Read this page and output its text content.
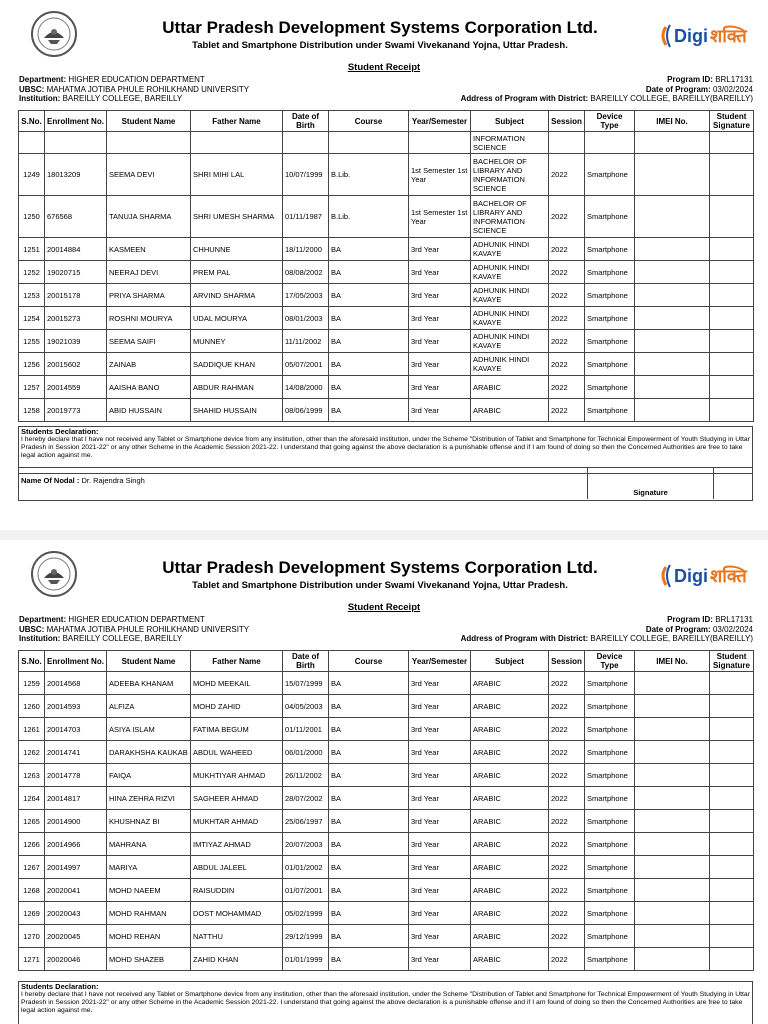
Uttar Pradesh Development Systems Corporation Ltd.
Tablet and Smartphone Distribution under Swami Vivekanand Yojna, Uttar Pradesh.	Digi शक्ति
Student Receipt
Department: HIGHER EDUCATION DEPARTMENT
UBSC: MAHATMA JOTIBA PHULE ROHILKHAND UNIVERSITY
Institution: BAREILLY COLLEGE, BAREILLY
Program ID: BRL17131
Date of Program: 03/02/2024
Address of Program with District: BAREILLY COLLEGE, BAREILLY(BAREILLY)
S.No.	Enrollment No.	Student Name	Father Name	Date of Birth	Course	Year/Semester	Subject	Session	Device Type	IMEI No.	Student Signature
							INFORMATION SCIENCE				
1249	18013209	SEEMA DEVI	SHRI MIHI LAL	10/07/1999	B.Lib.	1st Semester 1st Year	BACHELOR OF LIBRARY AND INFORMATION SCIENCE	2022	Smartphone		
1250	676568	TANUJA SHARMA	SHRI UMESH SHARMA	01/11/1987	B.Lib.	1st Semester 1st Year	BACHELOR OF LIBRARY AND INFORMATION SCIENCE	2022	Smartphone		
1251	20014884	KASMEEN	CHHUNNE	18/11/2000	BA	3rd Year	ADHUNIK HINDI KAVAYE	2022	Smartphone		
1252	19020715	NEERAJ DEVI	PREM PAL	08/08/2002	BA	3rd Year	ADHUNIK HINDI KAVAYE	2022	Smartphone		
1253	20015178	PRIYA SHARMA	ARVIND SHARMA	17/05/2003	BA	3rd Year	ADHUNIK HINDI KAVAYE	2022	Smartphone		
1254	20015273	ROSHNI MOURYA	UDAL MOURYA	08/01/2003	BA	3rd Year	ADHUNIK HINDI KAVAYE	2022	Smartphone		
1255	19021039	SEEMA SAIFI	MUNNEY	11/11/2002	BA	3rd Year	ADHUNIK HINDI KAVAYE	2022	Smartphone		
1256	20015602	ZAINAB	SADDIQUE KHAN	05/07/2001	BA	3rd Year	ADHUNIK HINDI KAVAYE	2022	Smartphone		
1257	20014559	AAISHA BANO	ABDUR RAHMAN	14/08/2000	BA	3rd Year	ARABIC	2022	Smartphone		
1258	20019773	ABID HUSSAIN	SHAHID HUSSAIN	08/06/1999	BA	3rd Year	ARABIC	2022	Smartphone		
Students Declaration:
I hereby declare that I have not received any Tablet or Smartphone device from any institution, other than the aforesaid institution, under the Scheme "Distribution of Tablet and Smartphone for Technical Empowerment of Youth Studying in Uttar Pradesh in Session 2021-22" or any other Scheme in the Academic Session 2021-22. I understand that going against the above declaration is a punishable offense and if I am found of doing so then the Concerned Authorities are free to take legal action against me.
Name Of Nodal : Dr. Rajendra Singh
Signature
Uttar Pradesh Development Systems Corporation Ltd.
Tablet and Smartphone Distribution under Swami Vivekanand Yojna, Uttar Pradesh.	Digi शक्ति
Student Receipt
Department: HIGHER EDUCATION DEPARTMENT
UBSC: MAHATMA JOTIBA PHULE ROHILKHAND UNIVERSITY
Institution: BAREILLY COLLEGE, BAREILLY
Program ID: BRL17131
Date of Program: 03/02/2024
Address of Program with District: BAREILLY COLLEGE, BAREILLY(BAREILLY)
S.No.	Enrollment No.	Student Name	Father Name	Date of Birth	Course	Year/Semester	Subject	Session	Device Type	IMEI No.	Student Signature
1259	20014568	ADEEBA KHANAM	MOHD MEEKAIL	15/07/1999	BA	3rd Year	ARABIC	2022	Smartphone		
1260	20014593	ALFIZA	MOHD ZAHID	04/05/2003	BA	3rd Year	ARABIC	2022	Smartphone		
1261	20014703	ASIYA ISLAM	FATIMA BEGUM	01/11/2001	BA	3rd Year	ARABIC	2022	Smartphone		
1262	20014741	DARAKHSHA KAUKAB	ABDUL WAHEED	06/01/2000	BA	3rd Year	ARABIC	2022	Smartphone		
1263	20014778	FAIQA	MUKHTIYAR AHMAD	26/11/2002	BA	3rd Year	ARABIC	2022	Smartphone		
1264	20014817	HINA ZEHRA RIZVI	SAGHEER AHMAD	28/07/2002	BA	3rd Year	ARABIC	2022	Smartphone		
1265	20014900	KHUSHNAZ BI	MUKHTAR AHMAD	25/06/1997	BA	3rd Year	ARABIC	2022	Smartphone		
1266	20014966	MAHRANA	IMTIYAZ AHMAD	20/07/2003	BA	3rd Year	ARABIC	2022	Smartphone		
1267	20014997	MARIYA	ABDUL JALEEL	01/01/2002	BA	3rd Year	ARABIC	2022	Smartphone		
1268	20020041	MOHD NAEEM	RAISUDDIN	01/07/2001	BA	3rd Year	ARABIC	2022	Smartphone		
1269	20020043	MOHD RAHMAN	DOST MOHAMMAD	05/02/1999	BA	3rd Year	ARABIC	2022	Smartphone		
1270	20020045	MOHD REHAN	NATTHU	29/12/1999	BA	3rd Year	ARABIC	2022	Smartphone		
1271	20020046	MOHD SHAZEB	ZAHID KHAN	01/01/1999	BA	3rd Year	ARABIC	2022	Smartphone		
Students Declaration:
I hereby declare that I have not received any Tablet or Smartphone device from any institution, other than the aforesaid institution, under the Scheme "Distribution of Tablet and Smartphone for Technical Empowerment of Youth Studying in Uttar Pradesh in Session 2021-22" or any other Scheme in the Academic Session 2021-22. I understand that going against the above declaration is a punishable offense and if I am found of doing so then the Concerned Authorities are free to take legal action against me.
